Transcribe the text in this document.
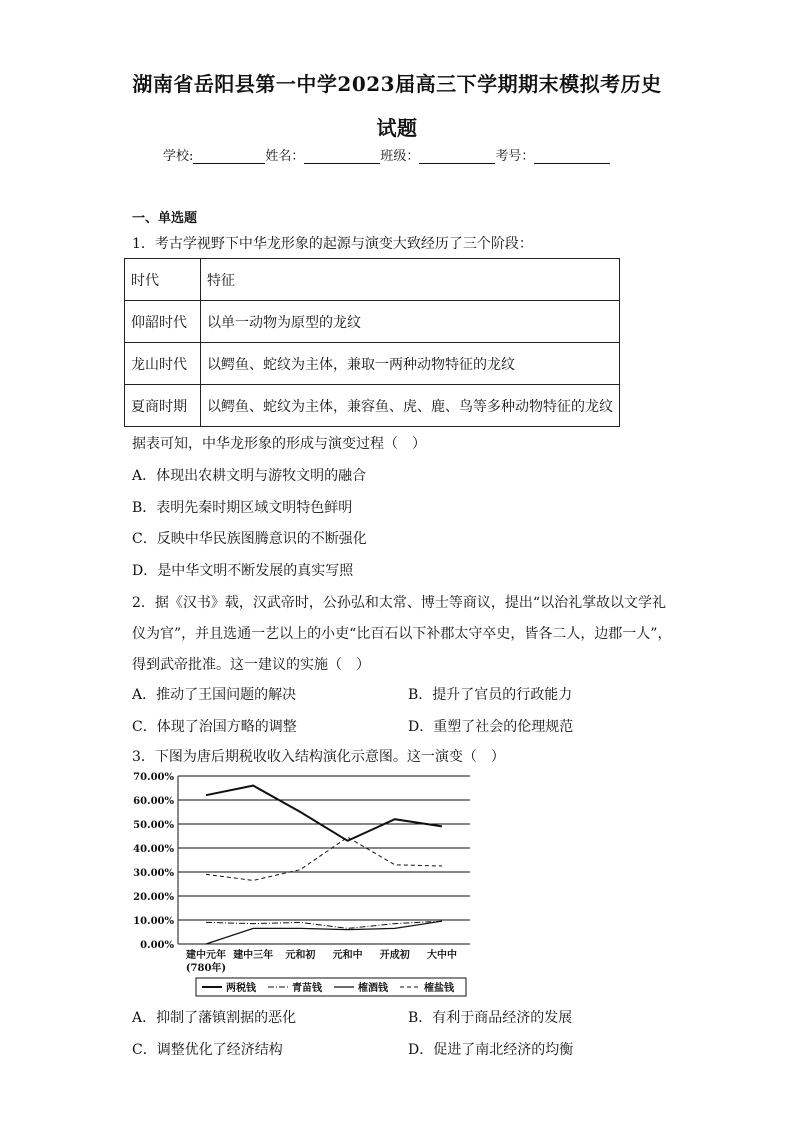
湖南省岳阳县第一中学2023届高三下学期期末模拟考历史
试题
学校:	姓名：	班级：	考号：
一、单选题
1．考古学视野下中华龙形象的起源与演变大致经历了三个阶段：
时代	特征
仰韶时代	以单一动物为原型的龙纹
龙山时代	以鳄鱼、蛇纹为主体，兼取一两种动物特征的龙纹
夏商时期	以鳄鱼、蛇纹为主体，兼容鱼、虎、鹿、鸟等多种动物特征的龙纹
据表可知，中华龙形象的形成与演变过程（　）
A．体现出农耕文明与游牧文明的融合
B．表明先秦时期区域文明特色鲜明
C．反映中华民族图腾意识的不断强化
D．是中华文明不断发展的真实写照
2．据《汉书》载，汉武帝时，公孙弘和太常、博士等商议，提出“以治礼掌故以文学礼
仪为官”，并且选通一艺以上的小吏“比百石以下补郡太守卒史，皆各二人，边郡一人”，
得到武帝批准。这一建议的实施（　）
A．推动了王国问题的解决	B．提升了官员的行政能力
C．体现了治国方略的调整	D．重塑了社会的伦理规范
3．下图为唐后期税收收入结构演化示意图。这一演变（　）
0.00%
10.00%
20.00%
30.00%
40.00%
50.00%
60.00%
70.00%
建中元年 建中三年 元和初 元和中 开成初 大中中
(780年)
两税钱	青苗钱	榷酒钱	榷盐钱
A．抑制了藩镇割据的恶化	B．有利于商品经济的发展
C．调整优化了经济结构	D．促进了南北经济的均衡
